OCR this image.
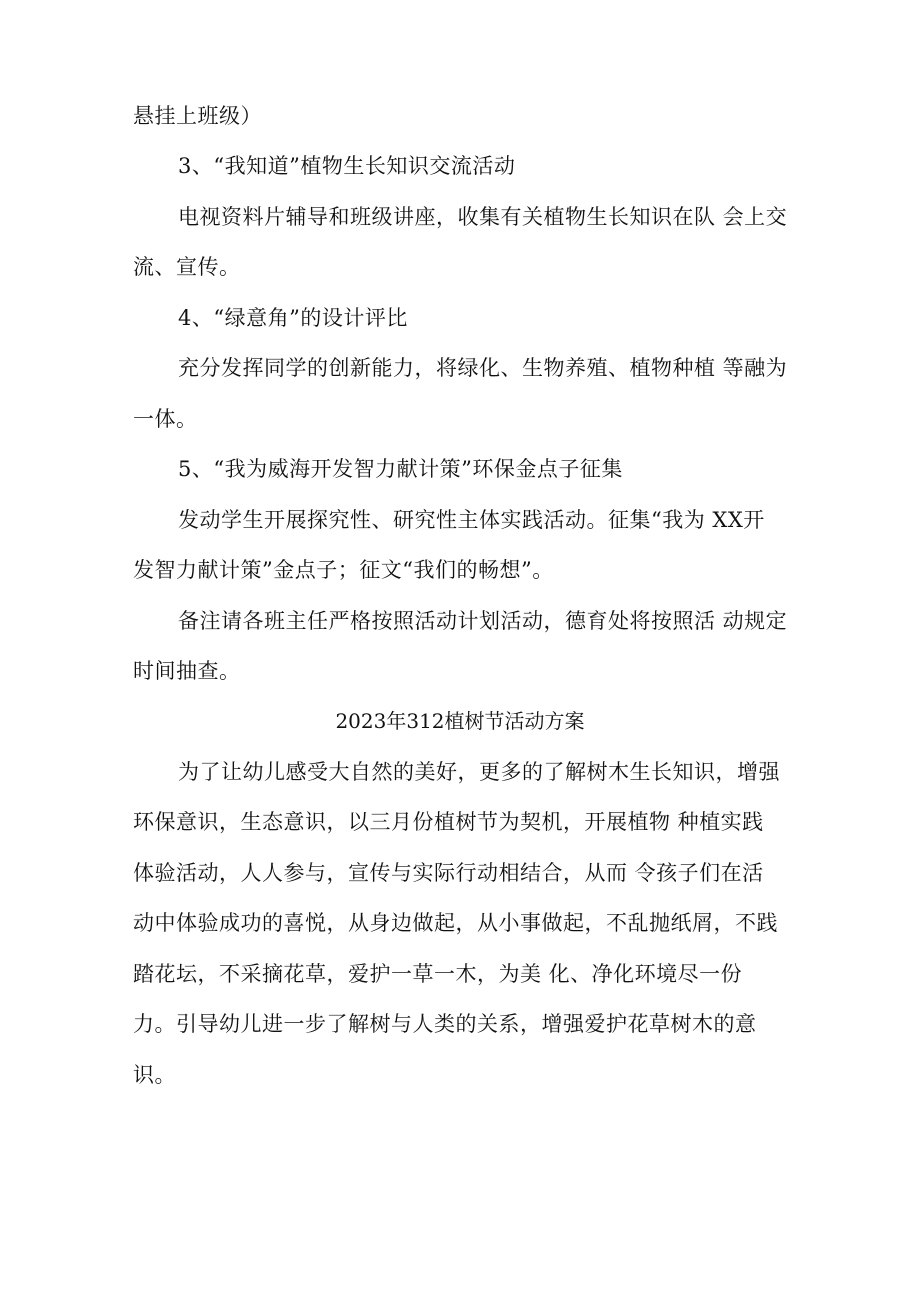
悬挂上班级）
3、“我知道”植物生长知识交流活动
电视资料片辅导和班级讲座，收集有关植物生长知识在队 会上交
流、宣传。
4、“绿意角”的设计评比
充分发挥同学的创新能力，将绿化、生物养殖、植物种植 等融为
一体。
5、“我为威海开发智力献计策”环保金点子征集
发动学生开展探究性、研究性主体实践活动。征集“我为 XX开
发智力献计策”金点子；征文“我们的畅想”。
备注请各班主任严格按照活动计划活动，德育处将按照活 动规定
时间抽查。
2023年312植树节活动方案
为了让幼儿感受大自然的美好，更多的了解树木生长知识，增强
环保意识，生态意识，以三月份植树节为契机，开展植物 种植实践
体验活动，人人参与，宣传与实际行动相结合，从而 令孩子们在活
动中体验成功的喜悦，从身边做起，从小事做起，不乱抛纸屑，不践
踏花坛，不采摘花草，爱护一草一木，为美 化、净化环境尽一份
力。引导幼儿进一步了解树与人类的关系，增强爱护花草树木的意
识。
